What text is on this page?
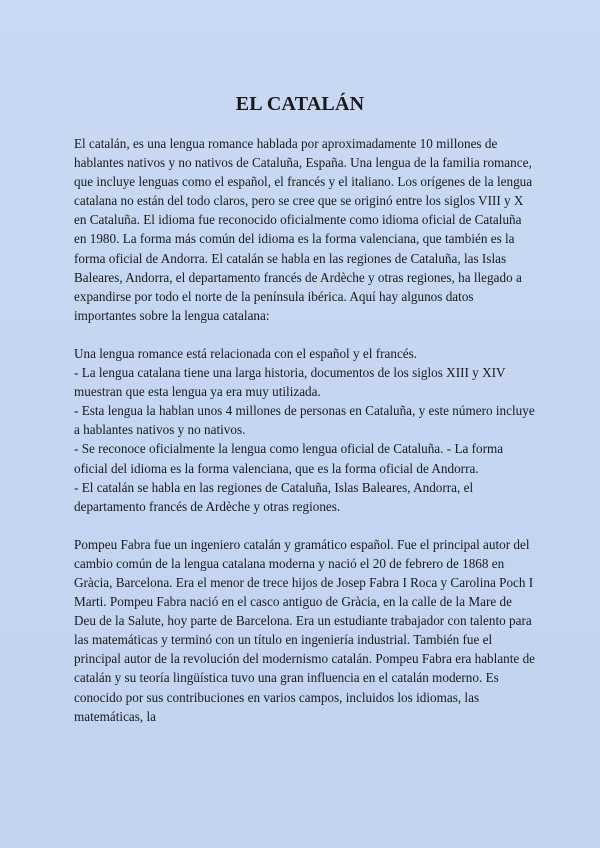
EL CATALÁN

El catalán, es una lengua romance hablada por aproximadamente 10 millones de hablantes nativos y no nativos de Cataluña, España. Una lengua de la familia romance, que incluye lenguas como el español, el francés y el italiano. Los orígenes de la lengua catalana no están del todo claros, pero se cree que se originó entre los siglos VIII y X en Cataluña. El idioma fue reconocido oficialmente como idioma oficial de Cataluña en 1980. La forma más común del idioma es la forma valenciana, que también es la forma oficial de Andorra. El catalán se habla en las regiones de Cataluña, las Islas Baleares, Andorra, el departamento francés de Ardèche y otras regiones, ha llegado a expandirse por todo el norte de la península ibérica. Aquí hay algunos datos importantes sobre la lengua catalana:

Una lengua romance está relacionada con el español y el francés.
- La lengua catalana tiene una larga historia, documentos de los siglos XIII y XIV muestran que esta lengua ya era muy utilizada.
- Esta lengua la hablan unos 4 millones de personas en Cataluña, y este número incluye a hablantes nativos y no nativos.
- Se reconoce oficialmente la lengua como lengua oficial de Cataluña. - La forma oficial del idioma es la forma valenciana, que es la forma oficial de Andorra.
- El catalán se habla en las regiones de Cataluña, Islas Baleares, Andorra, el departamento francés de Ardèche y otras regiones.

Pompeu Fabra fue un ingeniero catalán y gramático español. Fue el principal autor del cambio común de la lengua catalana moderna y nació el 20 de febrero de 1868 en Gràcia, Barcelona. Era el menor de trece hijos de Josep Fabra I Roca y Carolina Poch I Marti. Pompeu Fabra nació en el casco antiguo de Gràcia, en la calle de la Mare de Deu de la Salute, hoy parte de Barcelona. Era un estudiante trabajador con talento para las matemáticas y terminó con un título en ingeniería industrial. También fue el principal autor de la revolución del modernismo catalán. Pompeu Fabra era hablante de catalán y su teoría lingüística tuvo una gran influencia en el catalán moderno. Es conocido por sus contribuciones en varios campos, incluidos los idiomas, las matemáticas, la
